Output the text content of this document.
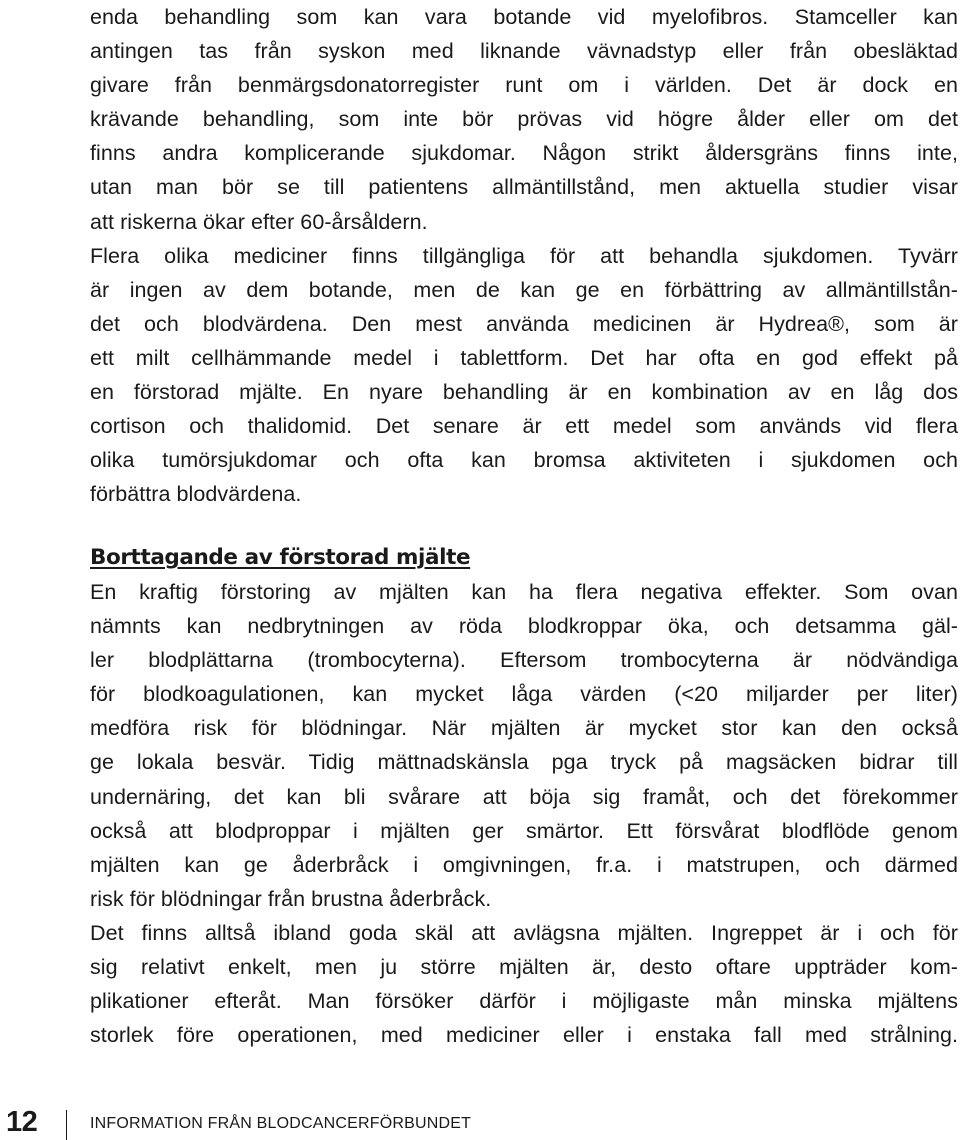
enda behandling som kan vara botande vid myelofibros. Stamceller kan
antingen tas från syskon med liknande vävnadstyp eller från obesläktad
givare från benmärgsdonatorregister runt om i världen. Det är dock en
krävande behandling, som inte bör prövas vid högre ålder eller om det
finns andra komplicerande sjukdomar. Någon strikt åldersgräns finns inte,
utan man bör se till patientens allmäntillstånd, men aktuella studier visar
att riskerna ökar efter 60-årsåldern.
Flera olika mediciner finns tillgängliga för att behandla sjukdomen. Tyvärr
är ingen av dem botande, men de kan ge en förbättring av allmäntillstån-
det och blodvärdena. Den mest använda medicinen är Hydrea®, som är
ett milt cellhämmande medel i tablettform. Det har ofta en god effekt på
en förstorad mjälte. En nyare behandling är en kombination av en låg dos
cortison och thalidomid. Det senare är ett medel som används vid flera
olika tumörsjukdomar och ofta kan bromsa aktiviteten i sjukdomen och
förbättra blodvärdena.
Borttagande av förstorad mjälte
En kraftig förstoring av mjälten kan ha flera negativa effekter. Som ovan
nämnts kan nedbrytningen av röda blodkroppar öka, och detsamma gäl-
ler blodplättarna (trombocyterna). Eftersom trombocyterna är nödvändiga
för blodkoagulationen, kan mycket låga värden (<20 miljarder per liter)
medföra risk för blödningar. När mjälten är mycket stor kan den också
ge lokala besvär. Tidig mättnadskänsla pga tryck på magsäcken bidrar till
undernäring, det kan bli svårare att böja sig framåt, och det förekommer
också att blodproppar i mjälten ger smärtor. Ett försvårat blodflöde genom
mjälten kan ge åderbråck i omgivningen, fr.a. i matstrupen, och därmed
risk för blödningar från brustna åderbråck.
Det finns alltså ibland goda skäl att avlägsna mjälten. Ingreppet är i och för
sig relativt enkelt, men ju större mjälten är, desto oftare uppträder kom-
plikationer efteråt. Man försöker därför i möjligaste mån minska mjältens
storlek före operationen, med mediciner eller i enstaka fall med strålning.
12	INFORMATION FRÅN BLODCANCERFÖRBUNDET
